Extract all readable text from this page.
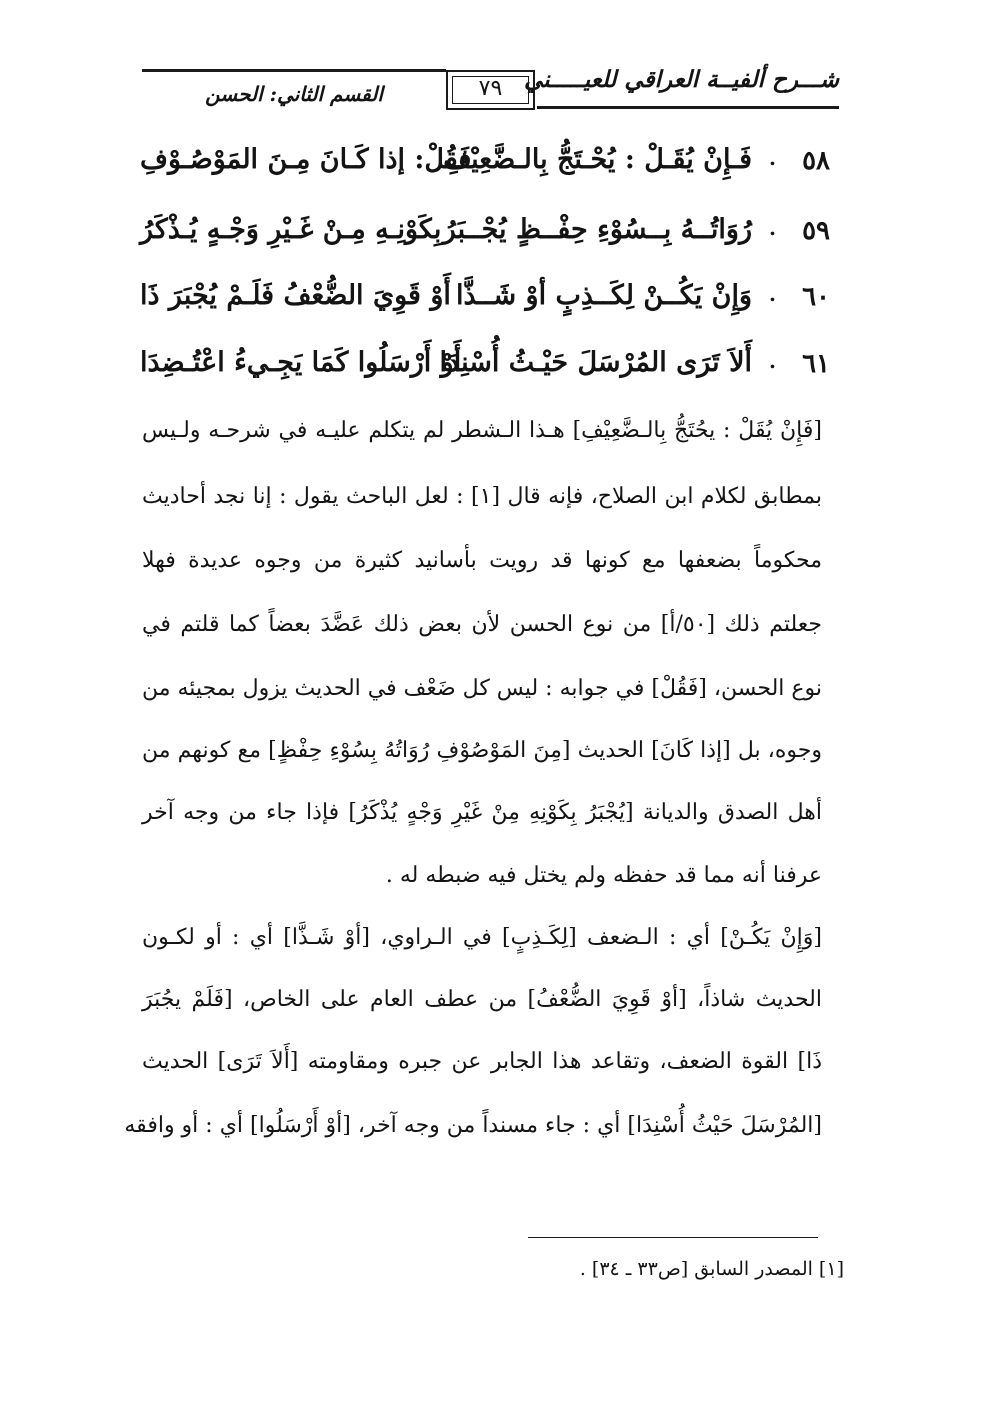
شـــرح ألفيــة العراقي للعيـــــني
القسم الثاني: الحسن	٧٩
٥٨
.
فَـإِنْ يُقَـلْ : يُحْـتَجُّ بِالـضَّعِيْفِ
فَقُلْ: إذا كَـانَ مِـنَ المَوْصُـوْفِ
٥٩
.
رُوَاتُــهُ بِــسُوْءِ حِفْــظٍ يُجْــبَرُ
بِكَوْنِـهِ مِـنْ غَـيْرِ وَجْـهٍ يُـذْكَرُ
٦٠
.
وَإِنْ يَكُــنْ لِكَــذِبٍ أوْ شَــذَّا
أَوْ قَوِيَ الضُّعْفُ فَلَـمْ يُجْبَرَ ذَا
٦١
.
أَلاَ تَرَى المُرْسَلَ حَيْـثُ أُسْنِدَا
أَوْ أَرْسَلُوا كَمَا يَجِـيءُ اعْتُـضِدَا
[فَإِنْ يُقَلْ : يحُتَجُّ بِالـضَّعِيْفِ] هـذا الـشطر لم يتكلم عليـه في شرحـه ولـيس
بمطابق لكلام ابن الصلاح، فإنه قال [١] : لعل الباحث يقول : إنا نجد أحاديث
محكوماً بضعفها مع كونها قد رويت بأسانيد كثيرة من وجوه عديدة فهلا
جعلتم ذلك [٥٠/أ] من نوع الحسن لأن بعض ذلك عَضَّدَ بعضاً كما قلتم في
نوع الحسن، [فَقُلْ] في جوابه : ليس كل ضَعْف في الحديث يزول بمجيئه من
وجوه، بل [إذا كَانَ] الحديث [مِنَ المَوْصُوْفِ رُوَاتُهُ بِسُوْءِ حِفْظٍ] مع كونهم من
أهل الصدق والديانة [يُجْبَرُ بِكَوْنِهِ مِنْ غَيْرِ وَجْهٍ يُذْكَرُ] فإذا جاء من وجه آخر
عرفنا أنه مما قد حفظه ولم يختل فيه ضبطه له .
[وَإِنْ يَكُـنْ] أي : الـضعف [لِكَـذِبٍ] في الـراوي، [أوْ شَـذَّا] أي : أو لكـون
الحديث شاذاً، [أوْ قَوِيَ الضُّعْفُ] من عطف العام على الخاص، [فَلَمْ يجُبَرَ
ذَا] القوة الضعف، وتقاعد هذا الجابر عن جبره ومقاومته [أَلاَ تَرَى] الحديث
[المُرْسَلَ حَيْثُ أُسْنِدَا] أي : جاء مسنداً من وجه آخر، [أوْ أَرْسَلُوا] أي : أو وافقه
[١] المصدر السابق [ص٣٣ ـ ٣٤] .
